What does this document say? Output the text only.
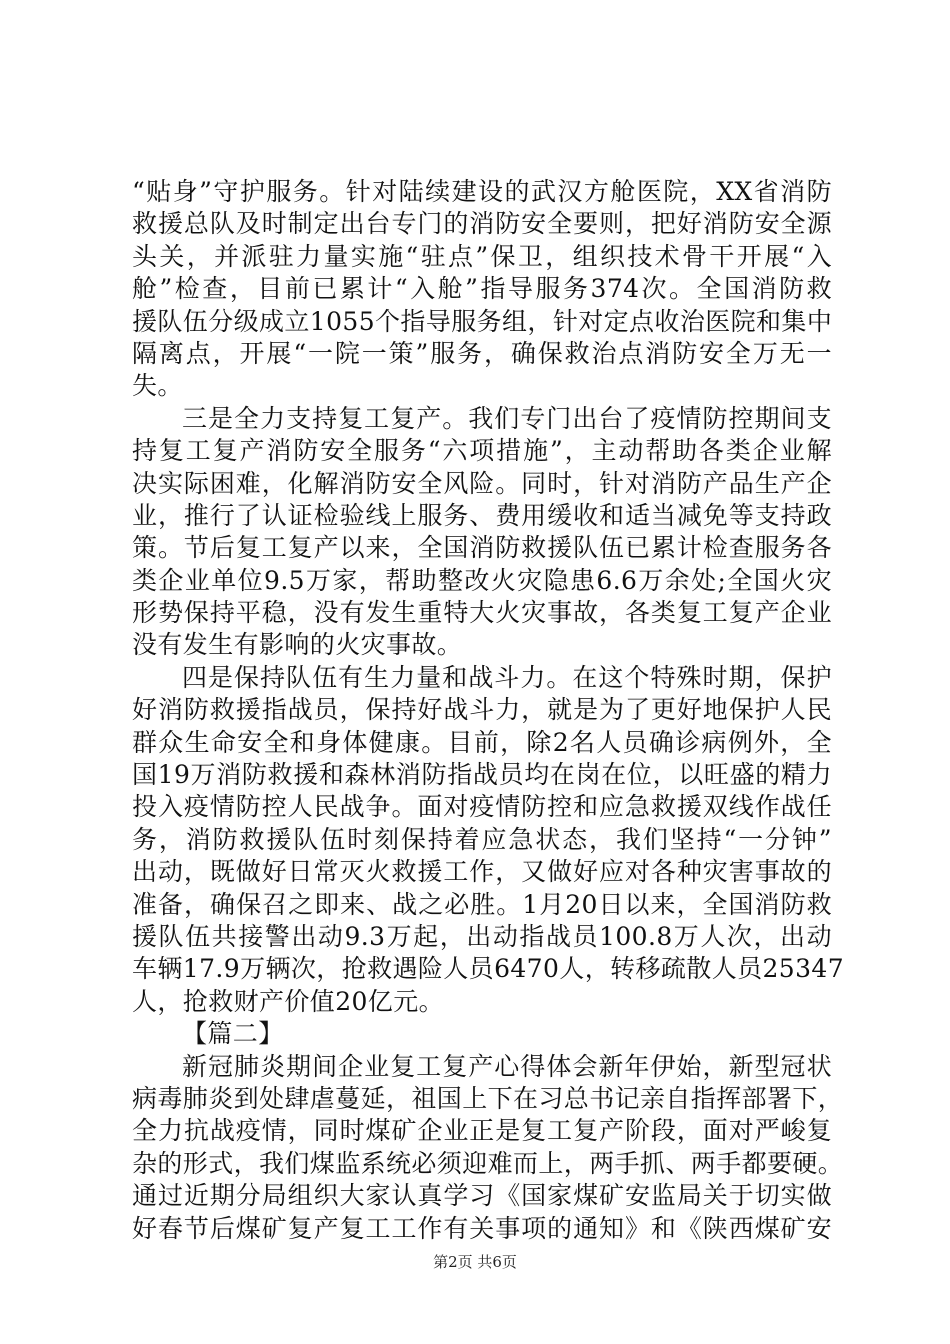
“贴身”守护服务。针对陆续建设的武汉方舱医院，XX省消防
救援总队及时制定出台专门的消防安全要则，把好消防安全源
头关，并派驻力量实施“驻点”保卫，组织技术骨干开展“入
舱”检查，目前已累计“入舱”指导服务374次。全国消防救
援队伍分级成立1055个指导服务组，针对定点收治医院和集中
隔离点，开展“一院一策”服务，确保救治点消防安全万无一
失。
三是全力支持复工复产。我们专门出台了疫情防控期间支
持复工复产消防安全服务“六项措施”，主动帮助各类企业解
决实际困难，化解消防安全风险。同时，针对消防产品生产企
业，推行了认证检验线上服务、费用缓收和适当减免等支持政
策。节后复工复产以来，全国消防救援队伍已累计检查服务各
类企业单位9.5万家，帮助整改火灾隐患6.6万余处;全国火灾
形势保持平稳，没有发生重特大火灾事故，各类复工复产企业
没有发生有影响的火灾事故。
四是保持队伍有生力量和战斗力。在这个特殊时期，保护
好消防救援指战员，保持好战斗力，就是为了更好地保护人民
群众生命安全和身体健康。目前，除2名人员确诊病例外，全
国19万消防救援和森林消防指战员均在岗在位，以旺盛的精力
投入疫情防控人民战争。面对疫情防控和应急救援双线作战任
务，消防救援队伍时刻保持着应急状态，我们坚持“一分钟”
出动，既做好日常灭火救援工作，又做好应对各种灾害事故的
准备，确保召之即来、战之必胜。1月20日以来，全国消防救
援队伍共接警出动9.3万起，出动指战员100.8万人次，出动
车辆17.9万辆次，抢救遇险人员6470人，转移疏散人员25347
人，抢救财产价值20亿元。
【篇二】
新冠肺炎期间企业复工复产心得体会新年伊始，新型冠状
病毒肺炎到处肆虐蔓延，祖国上下在习总书记亲自指挥部署下，
全力抗战疫情，同时煤矿企业正是复工复产阶段，面对严峻复
杂的形式，我们煤监系统必须迎难而上，两手抓、两手都要硬。
通过近期分局组织大家认真学习《国家煤矿安监局关于切实做
好春节后煤矿复产复工工作有关事项的通知》和《陕西煤矿安
第2页 共6页
